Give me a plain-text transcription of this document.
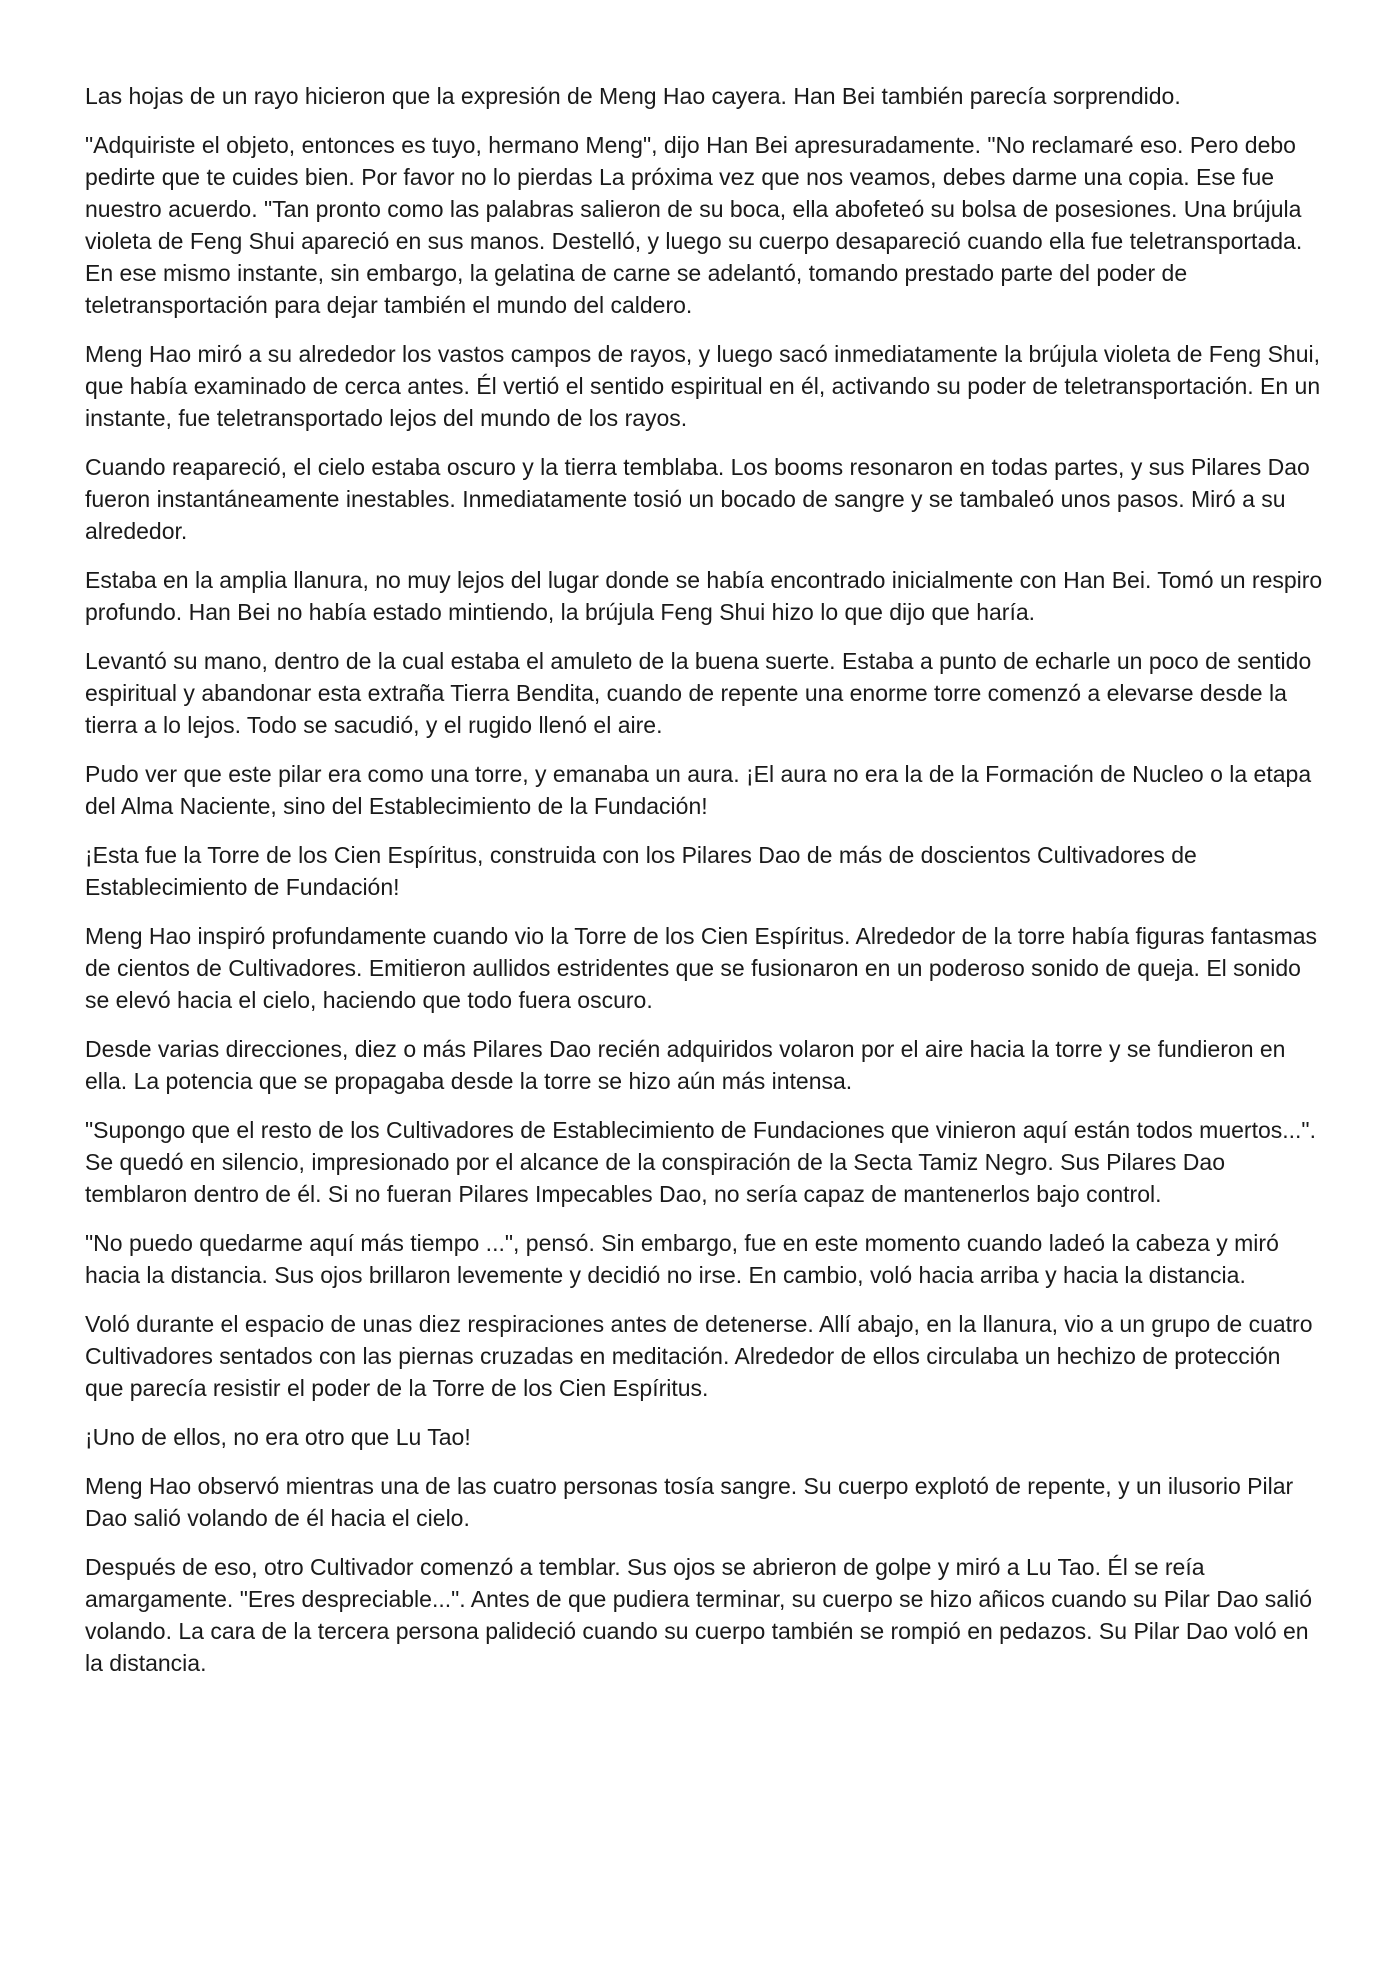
Las hojas de un rayo hicieron que la expresión de Meng Hao cayera. Han Bei también parecía sorprendido.

"Adquiriste el objeto, entonces es tuyo, hermano Meng", dijo Han Bei apresuradamente. "No reclamaré eso. Pero debo pedirte que te cuides bien. Por favor no lo pierdas La próxima vez que nos veamos, debes darme una copia. Ese fue nuestro acuerdo. "Tan pronto como las palabras salieron de su boca, ella abofeteó su bolsa de posesiones. Una brújula violeta de Feng Shui apareció en sus manos. Destelló, y luego su cuerpo desapareció cuando ella fue teletransportada. En ese mismo instante, sin embargo, la gelatina de carne se adelantó, tomando prestado parte del poder de teletransportación para dejar también el mundo del caldero.

Meng Hao miró a su alrededor los vastos campos de rayos, y luego sacó inmediatamente la brújula violeta de Feng Shui, que había examinado de cerca antes. Él vertió el sentido espiritual en él, activando su poder de teletransportación. En un instante, fue teletransportado lejos del mundo de los rayos.

Cuando reapareció, el cielo estaba oscuro y la tierra temblaba. Los booms resonaron en todas partes, y sus Pilares Dao fueron instantáneamente inestables. Inmediatamente tosió un bocado de sangre y se tambaleó unos pasos. Miró a su alrededor.

Estaba en la amplia llanura, no muy lejos del lugar donde se había encontrado inicialmente con Han Bei. Tomó un respiro profundo. Han Bei no había estado mintiendo, la brújula Feng Shui hizo lo que dijo que haría.

Levantó su mano, dentro de la cual estaba el amuleto de la buena suerte. Estaba a punto de echarle un poco de sentido espiritual y abandonar esta extraña Tierra Bendita, cuando de repente una enorme torre comenzó a elevarse desde la tierra a lo lejos. Todo se sacudió, y el rugido llenó el aire.

Pudo ver que este pilar era como una torre, y emanaba un aura. ¡El aura no era la de la Formación de Nucleo o la etapa del Alma Naciente, sino del Establecimiento de la Fundación!

¡Esta fue la Torre de los Cien Espíritus, construida con los Pilares Dao de más de doscientos Cultivadores de Establecimiento de Fundación!

Meng Hao inspiró profundamente cuando vio la Torre de los Cien Espíritus. Alrededor de la torre había figuras fantasmas de cientos de Cultivadores. Emitieron aullidos estridentes que se fusionaron en un poderoso sonido de queja. El sonido se elevó hacia el cielo, haciendo que todo fuera oscuro.

Desde varias direcciones, diez o más Pilares Dao recién adquiridos volaron por el aire hacia la torre y se fundieron en ella. La potencia que se propagaba desde la torre se hizo aún más intensa.

"Supongo que el resto de los Cultivadores de Establecimiento de Fundaciones que vinieron aquí están todos muertos...". Se quedó en silencio, impresionado por el alcance de la conspiración de la Secta Tamiz Negro. Sus Pilares Dao temblaron dentro de él. Si no fueran Pilares Impecables Dao, no sería capaz de mantenerlos bajo control.

"No puedo quedarme aquí más tiempo ...", pensó. Sin embargo, fue en este momento cuando ladeó la cabeza y miró hacia la distancia. Sus ojos brillaron levemente y decidió no irse. En cambio, voló hacia arriba y hacia la distancia.

Voló durante el espacio de unas diez respiraciones antes de detenerse. Allí abajo, en la llanura, vio a un grupo de cuatro Cultivadores sentados con las piernas cruzadas en meditación. Alrededor de ellos circulaba un hechizo de protección que parecía resistir el poder de la Torre de los Cien Espíritus.

¡Uno de ellos, no era otro que Lu Tao!

Meng Hao observó mientras una de las cuatro personas tosía sangre. Su cuerpo explotó de repente, y un ilusorio Pilar Dao salió volando de él hacia el cielo.

Después de eso, otro Cultivador comenzó a temblar. Sus ojos se abrieron de golpe y miró a Lu Tao. Él se reía amargamente. "Eres despreciable...". Antes de que pudiera terminar, su cuerpo se hizo añicos cuando su Pilar Dao salió volando. La cara de la tercera persona palideció cuando su cuerpo también se rompió en pedazos. Su Pilar Dao voló en la distancia.
